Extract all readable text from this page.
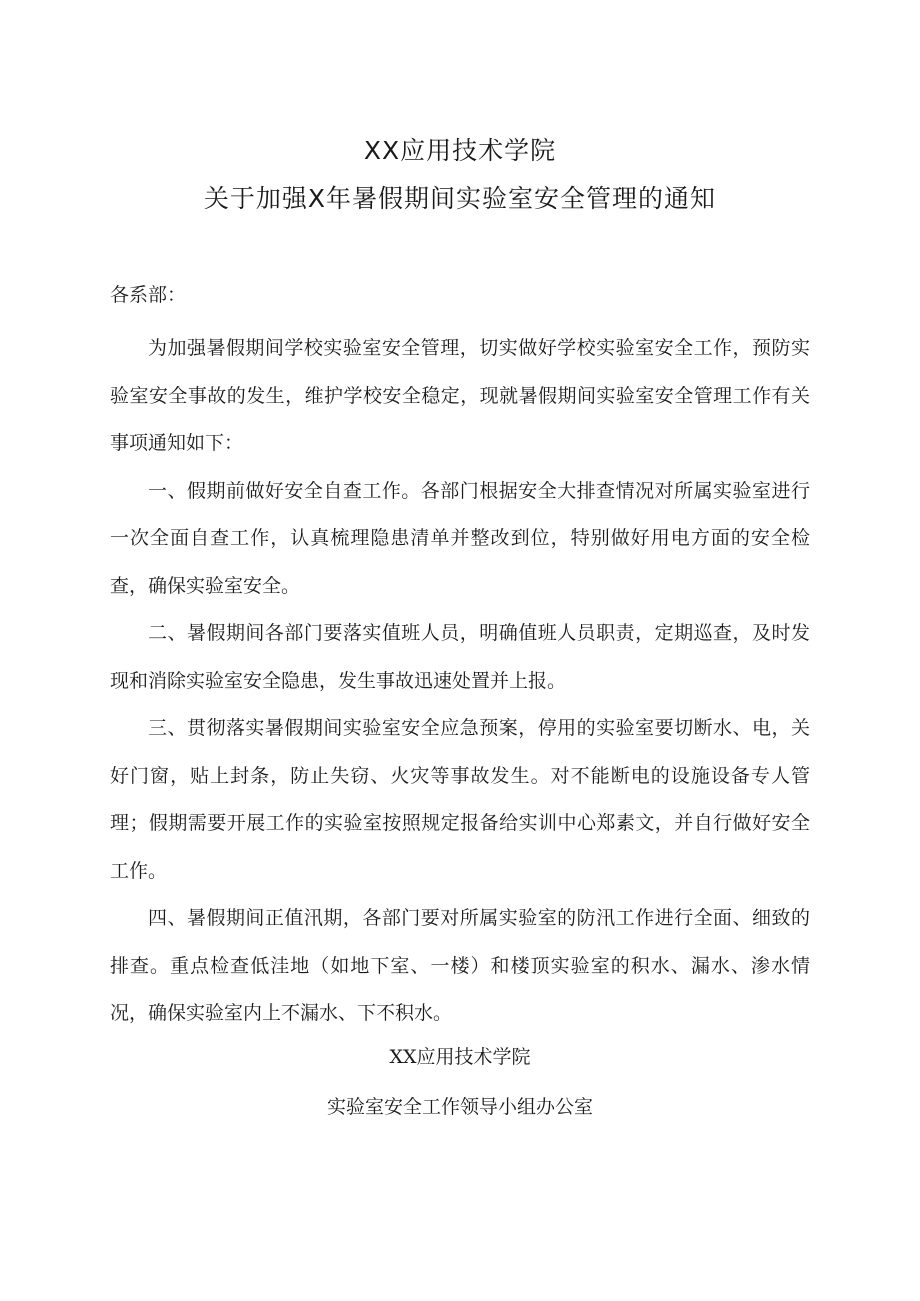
XX应用技术学院
关于加强X年暑假期间实验室安全管理的通知
各系部：

为加强暑假期间学校实验室安全管理，切实做好学校实验室安全工作，预防实验室安全事故的发生，维护学校安全稳定，现就暑假期间实验室安全管理工作有关事项通知如下：

一、假期前做好安全自查工作。各部门根据安全大排查情况对所属实验室进行一次全面自查工作，认真梳理隐患清单并整改到位，特别做好用电方面的安全检查，确保实验室安全。

二、暑假期间各部门要落实值班人员，明确值班人员职责，定期巡查，及时发现和消除实验室安全隐患，发生事故迅速处置并上报。

三、贯彻落实暑假期间实验室安全应急预案，停用的实验室要切断水、电，关好门窗，贴上封条，防止失窃、火灾等事故发生。对不能断电的设施设备专人管理；假期需要开展工作的实验室按照规定报备给实训中心郑素文，并自行做好安全工作。

四、暑假期间正值汛期，各部门要对所属实验室的防汛工作进行全面、细致的排查。重点检查低洼地（如地下室、一楼）和楼顶实验室的积水、漏水、渗水情况，确保实验室内上不漏水、下不积水。

XX应用技术学院
实验室安全工作领导小组办公室
